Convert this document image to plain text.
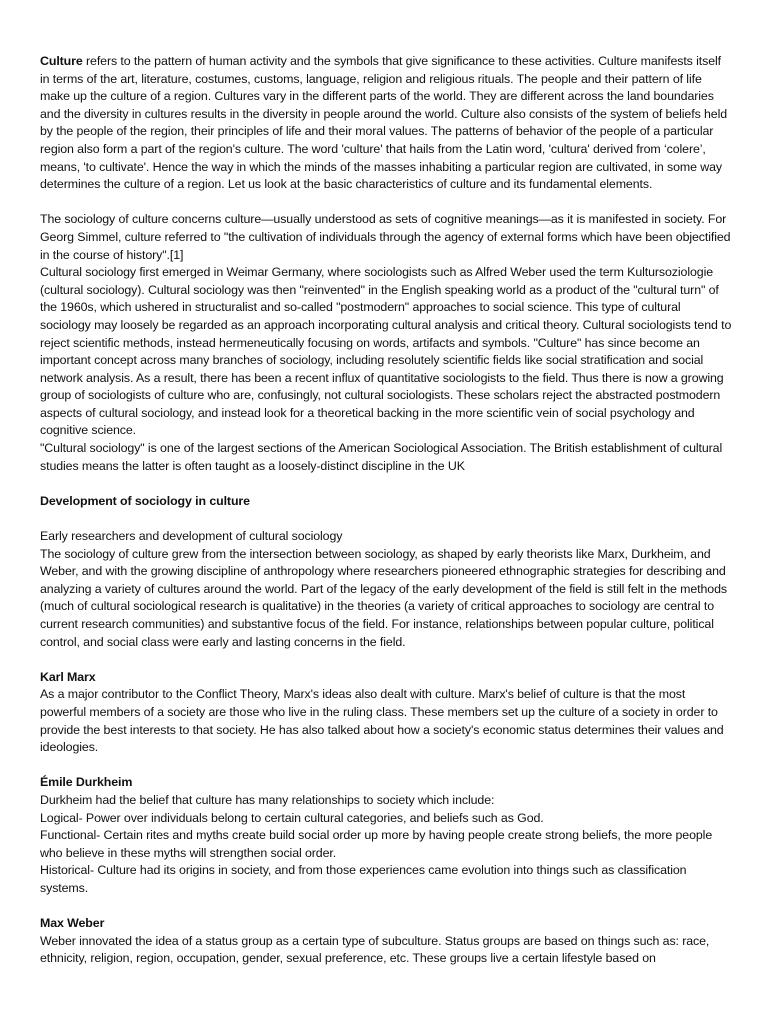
Culture refers to the pattern of human activity and the symbols that give significance to these activities. Culture manifests itself in terms of the art, literature, costumes, customs, language, religion and religious rituals. The people and their pattern of life make up the culture of a region. Cultures vary in the different parts of the world. They are different across the land boundaries and the diversity in cultures results in the diversity in people around the world. Culture also consists of the system of beliefs held by the people of the region, their principles of life and their moral values. The patterns of behavior of the people of a particular region also form a part of the region's culture. The word 'culture' that hails from the Latin word, 'cultura' derived from ‘colere’, means, 'to cultivate'. Hence the way in which the minds of the masses inhabiting a particular region are cultivated, in some way determines the culture of a region. Let us look at the basic characteristics of culture and its fundamental elements.

The sociology of culture concerns culture—usually understood as sets of cognitive meanings—as it is manifested in society. For Georg Simmel, culture referred to "the cultivation of individuals through the agency of external forms which have been objectified in the course of history".[1]

Cultural sociology first emerged in Weimar Germany, where sociologists such as Alfred Weber used the term Kultursoziologie (cultural sociology). Cultural sociology was then "reinvented" in the English speaking world as a product of the "cultural turn" of the 1960s, which ushered in structuralist and so-called "postmodern" approaches to social science. This type of cultural sociology may loosely be regarded as an approach incorporating cultural analysis and critical theory. Cultural sociologists tend to reject scientific methods, instead hermeneutically focusing on words, artifacts and symbols. "Culture" has since become an important concept across many branches of sociology, including resolutely scientific fields like social stratification and social network analysis. As a result, there has been a recent influx of quantitative sociologists to the field. Thus there is now a growing group of sociologists of culture who are, confusingly, not cultural sociologists. These scholars reject the abstracted postmodern aspects of cultural sociology, and instead look for a theoretical backing in the more scientific vein of social psychology and cognitive science.

"Cultural sociology" is one of the largest sections of the American Sociological Association. The British establishment of cultural studies means the latter is often taught as a loosely-distinct discipline in the UK

Development of sociology in culture

Early researchers and development of cultural sociology

The sociology of culture grew from the intersection between sociology, as shaped by early theorists like Marx, Durkheim, and Weber, and with the growing discipline of anthropology where researchers pioneered ethnographic strategies for describing and analyzing a variety of cultures around the world. Part of the legacy of the early development of the field is still felt in the methods (much of cultural sociological research is qualitative) in the theories (a variety of critical approaches to sociology are central to current research communities) and substantive focus of the field. For instance, relationships between popular culture, political control, and social class were early and lasting concerns in the field.

Karl Marx

As a major contributor to the Conflict Theory, Marx's ideas also dealt with culture. Marx's belief of culture is that the most powerful members of a society are those who live in the ruling class. These members set up the culture of a society in order to provide the best interests to that society. He has also talked about how a society's economic status determines their values and ideologies.

Émile Durkheim

Durkheim had the belief that culture has many relationships to society which include:

Logical- Power over individuals belong to certain cultural categories, and beliefs such as God.

Functional- Certain rites and myths create build social order up more by having people create strong beliefs, the more people who believe in these myths will strengthen social order.

Historical- Culture had its origins in society, and from those experiences came evolution into things such as classification systems.

Max Weber

Weber innovated the idea of a status group as a certain type of subculture. Status groups are based on things such as: race, ethnicity, religion, region, occupation, gender, sexual preference, etc. These groups live a certain lifestyle based on
